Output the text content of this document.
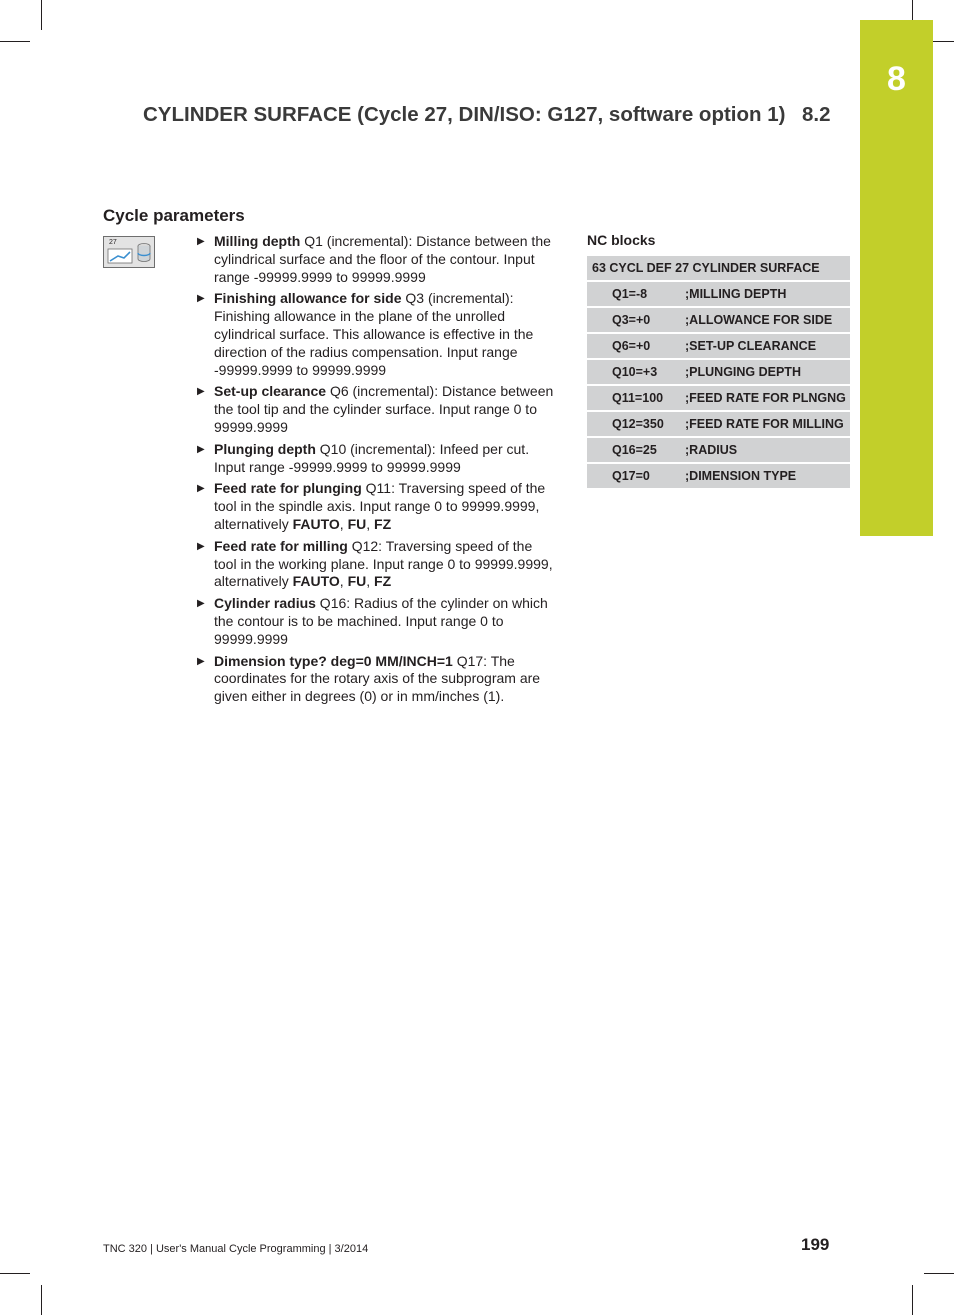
8
CYLINDER SURFACE (Cycle 27, DIN/ISO: G127, software option 1) 8.2
Cycle parameters
27	▶ Milling depth Q1 (incremental): Distance between the cylindrical surface and the floor of the contour. Input range -99999.9999 to 99999.9999
▶ Finishing allowance for side Q3 (incremental): Finishing allowance in the plane of the unrolled cylindrical surface. This allowance is effective in the direction of the radius compensation. Input range -99999.9999 to 99999.9999
▶ Set-up clearance Q6 (incremental): Distance between the tool tip and the cylinder surface. Input range 0 to 99999.9999
▶ Plunging depth Q10 (incremental): Infeed per cut. Input range -99999.9999 to 99999.9999
▶ Feed rate for plunging Q11: Traversing speed of the tool in the spindle axis. Input range 0 to 99999.9999, alternatively FAUTO, FU, FZ
▶ Feed rate for milling Q12: Traversing speed of the tool in the working plane. Input range 0 to 99999.9999, alternatively FAUTO, FU, FZ
▶ Cylinder radius Q16: Radius of the cylinder on which the contour is to be machined. Input range 0 to 99999.9999
▶ Dimension type? deg=0 MM/INCH=1 Q17: The coordinates for the rotary axis of the subprogram are given either in degrees (0) or in mm/inches (1).
NC blocks
63 CYCL DEF 27 CYLINDER SURFACE
Q1=-8	;MILLING DEPTH
Q3=+0	;ALLOWANCE FOR SIDE
Q6=+0	;SET-UP CLEARANCE
Q10=+3	;PLUNGING DEPTH
Q11=100	;FEED RATE FOR PLNGNG
Q12=350	;FEED RATE FOR MILLING
Q16=25	;RADIUS
Q17=0	;DIMENSION TYPE
TNC 320 | User's Manual Cycle Programming | 3/2014	199
